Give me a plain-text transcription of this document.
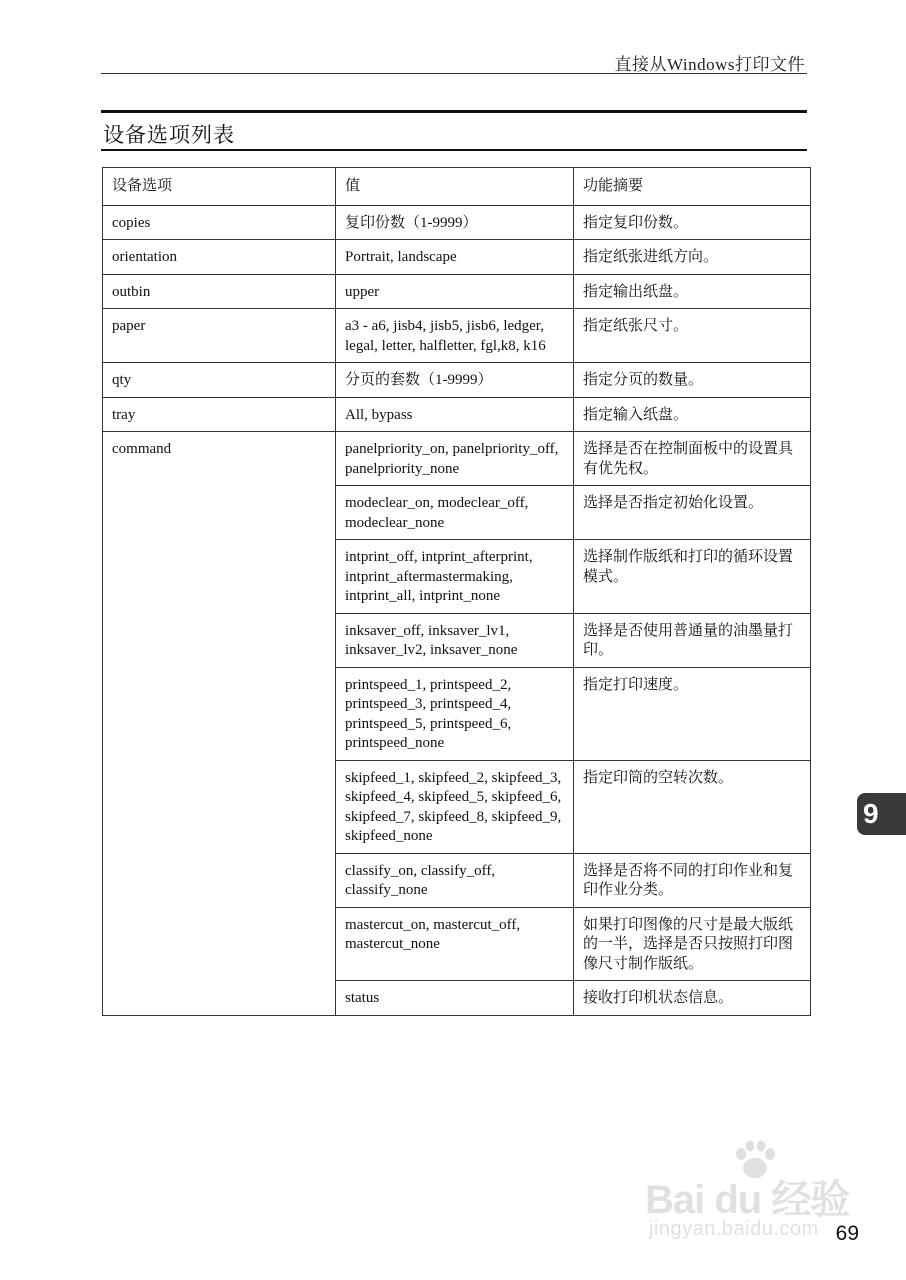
直接从Windows打印文件
设备选项列表
设备选项	值	功能摘要
copies	复印份数（1-9999）	指定复印份数。
orientation	Portrait, landscape	指定纸张进纸方向。
outbin	upper	指定输出纸盘。
paper	a3 - a6, jisb4, jisb5, jisb6, ledger, legal, letter, halfletter, fgl,k8, k16	指定纸张尺寸。
qty	分页的套数（1-9999）	指定分页的数量。
tray	All, bypass	指定输入纸盘。
command	panelpriority_on, panelpriority_off, panelpriority_none	选择是否在控制面板中的设置具有优先权。
	modeclear_on, modeclear_off, modeclear_none	选择是否指定初始化设置。
	intprint_off, intprint_afterprint, intprint_aftermastermaking, intprint_all, intprint_none	选择制作版纸和打印的循环设置模式。
	inksaver_off, inksaver_lv1, inksaver_lv2, inksaver_none	选择是否使用普通量的油墨量打印。
	printspeed_1, printspeed_2, printspeed_3, printspeed_4, printspeed_5, printspeed_6, printspeed_none	指定打印速度。
	skipfeed_1, skipfeed_2, skipfeed_3, skipfeed_4, skipfeed_5, skipfeed_6, skipfeed_7, skipfeed_8, skipfeed_9, skipfeed_none	指定印筒的空转次数。
	classify_on, classify_off, classify_none	选择是否将不同的打印作业和复印作业分类。
	mastercut_on, mastercut_off, mastercut_none	如果打印图像的尺寸是最大版纸的一半，选择是否只按照打印图像尺寸制作版纸。
	status	接收打印机状态信息。
9
Bai du 经验
jingyan.baidu.com 69
